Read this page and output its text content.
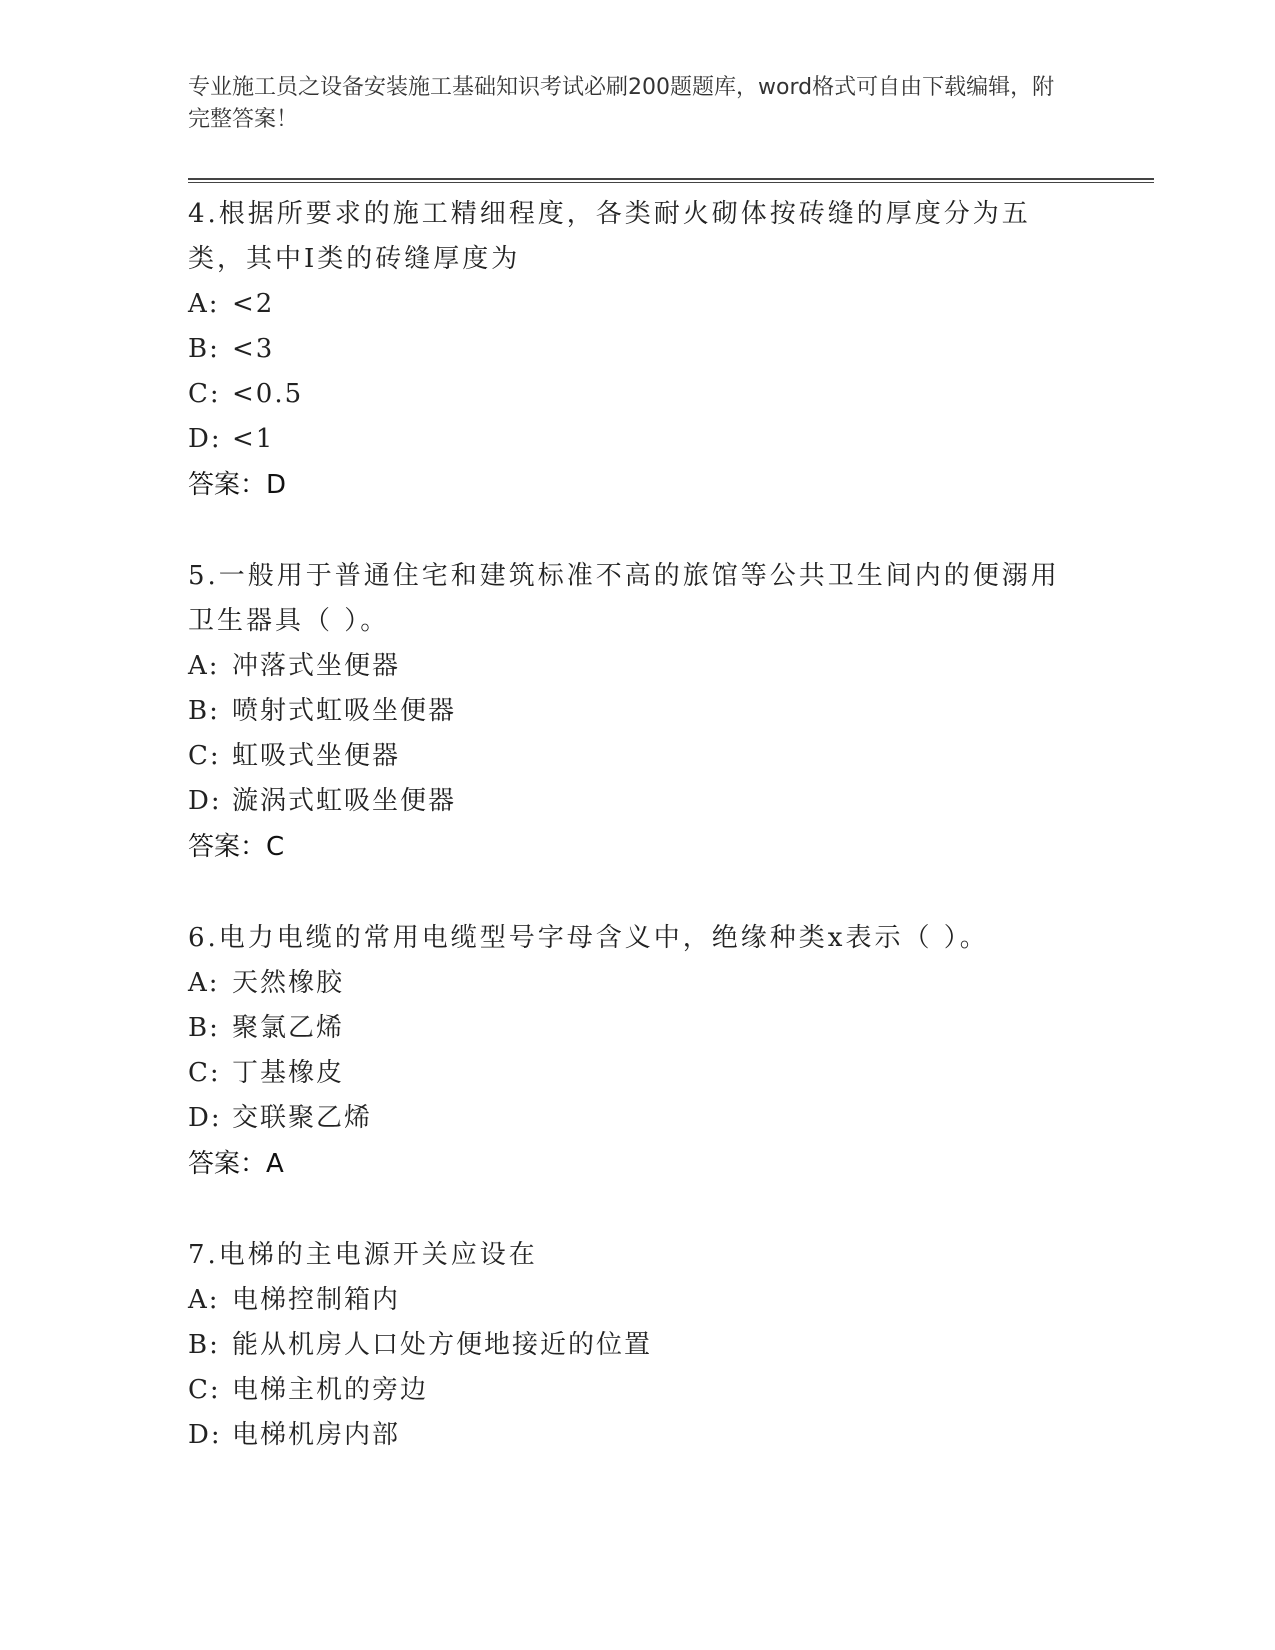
专业施工员之设备安装施工基础知识考试必刷200题题库，word格式可自由下载编辑，附完整答案！
4.根据所要求的施工精细程度，各类耐火砌体按砖缝的厚度分为五类，其中Ⅰ类的砖缝厚度为
A: <2
B: <3
C: <0.5
D: <1
答案：D
5.一般用于普通住宅和建筑标准不高的旅馆等公共卫生间内的便溺用卫生器具（ ）。
A: 冲落式坐便器
B: 喷射式虹吸坐便器
C: 虹吸式坐便器
D: 漩涡式虹吸坐便器
答案：C
6.电力电缆的常用电缆型号字母含义中，绝缘种类x表示（ ）。
A: 天然橡胶
B: 聚氯乙烯
C: 丁基橡皮
D: 交联聚乙烯
答案：A
7.电梯的主电源开关应设在
A: 电梯控制箱内
B: 能从机房人口处方便地接近的位置
C: 电梯主机的旁边
D: 电梯机房内部
